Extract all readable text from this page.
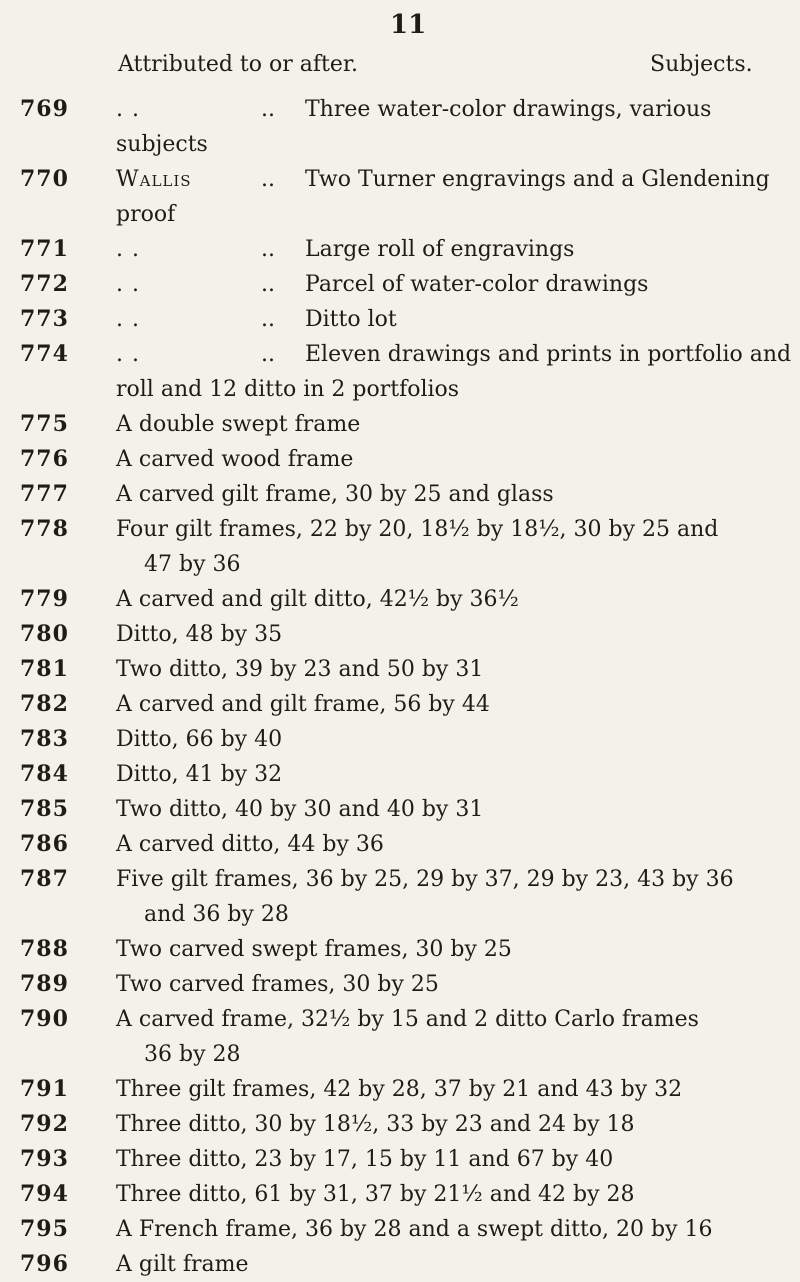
11
Attributed to or after.	Subjects.
769	. .	.. Three water-color drawings, various subjects
770	Wallis	.. Two Turner engravings and a Glendening proof
771	. .	.. Large roll of engravings
772	. .	.. Parcel of water-color drawings
773	. .	.. Ditto lot
774	. .	.. Eleven drawings and prints in portfolio and roll and 12 ditto in 2 portfolios
775	A double swept frame
776	A carved wood frame
777	A carved gilt frame, 30 by 25 and glass
778	Four gilt frames, 22 by 20, 18½ by 18½, 30 by 25 and
47 by 36
779	A carved and gilt ditto, 42½ by 36½
780	Ditto, 48 by 35
781	Two ditto, 39 by 23 and 50 by 31
782	A carved and gilt frame, 56 by 44
783	Ditto, 66 by 40
784	Ditto, 41 by 32
785	Two ditto, 40 by 30 and 40 by 31
786	A carved ditto, 44 by 36
787	Five gilt frames, 36 by 25, 29 by 37, 29 by 23, 43 by 36
and 36 by 28
788	Two carved swept frames, 30 by 25
789	Two carved frames, 30 by 25
790	A carved frame, 32½ by 15 and 2 ditto Carlo frames
36 by 28
791	Three gilt frames, 42 by 28, 37 by 21 and 43 by 32
792	Three ditto, 30 by 18½, 33 by 23 and 24 by 18
793	Three ditto, 23 by 17, 15 by 11 and 67 by 40
794	Three ditto, 61 by 31, 37 by 21½ and 42 by 28
795	A French frame, 36 by 28 and a swept ditto, 20 by 16
796	A gilt frame
